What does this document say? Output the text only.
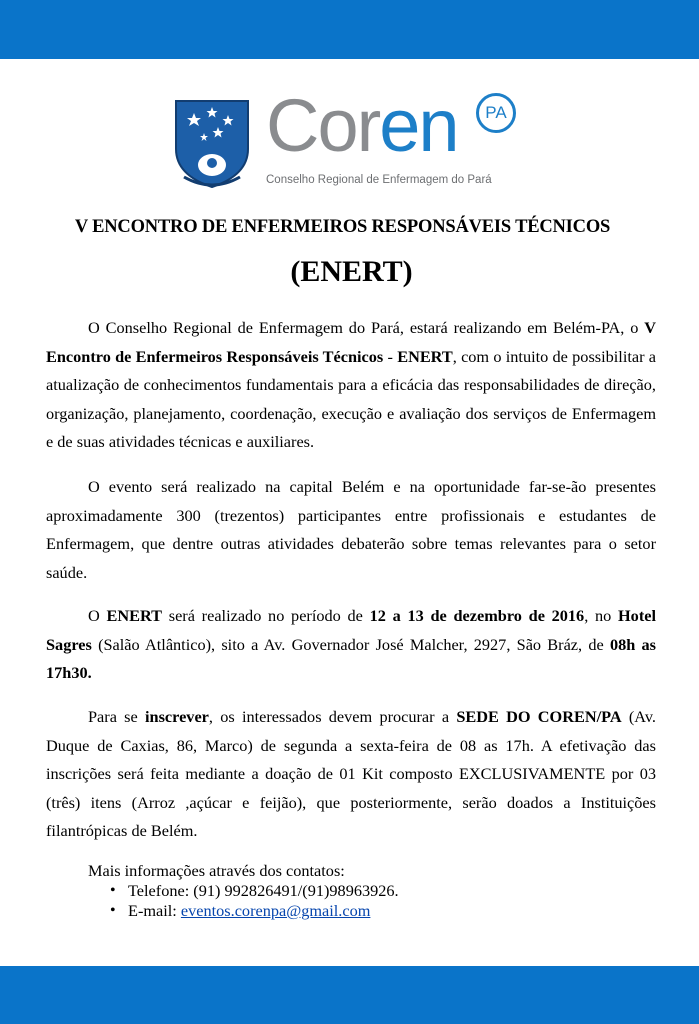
Coren	PA
Conselho Regional de Enfermagem do Pará
V ENCONTRO DE ENFERMEIROS RESPONSÁVEIS TÉCNICOS
(ENERT)

O Conselho Regional de Enfermagem do Pará, estará realizando em Belém-PA, o V Encontro de Enfermeiros Responsáveis Técnicos - ENERT, com o intuito de possibilitar a atualização de conhecimentos fundamentais para a eficácia das responsabilidades de direção, organização, planejamento, coordenação, execução e avaliação dos serviços de Enfermagem e de suas atividades técnicas e auxiliares.

O evento será realizado na capital Belém e na oportunidade far-se-ão presentes aproximadamente 300 (trezentos) participantes entre profissionais e estudantes de Enfermagem, que dentre outras atividades debaterão sobre temas relevantes para o setor saúde.

O ENERT será realizado no período de 12 a 13 de dezembro de 2016, no Hotel Sagres (Salão Atlântico), sito a Av. Governador José Malcher, 2927, São Bráz, de 08h as 17h30.

Para se inscrever, os interessados devem procurar a SEDE DO COREN/PA (Av. Duque de Caxias, 86, Marco) de segunda a sexta-feira de 08 as 17h. A efetivação das inscrições será feita mediante a doação de 01 Kit composto EXCLUSIVAMENTE por 03 (três) itens (Arroz ,açúcar e feijão), que posteriormente, serão doados a Instituições filantrópicas de Belém.

Mais informações através dos contatos:
• Telefone: (91) 992826491/(91)98963926.
• E-mail: eventos.corenpa@gmail.com
